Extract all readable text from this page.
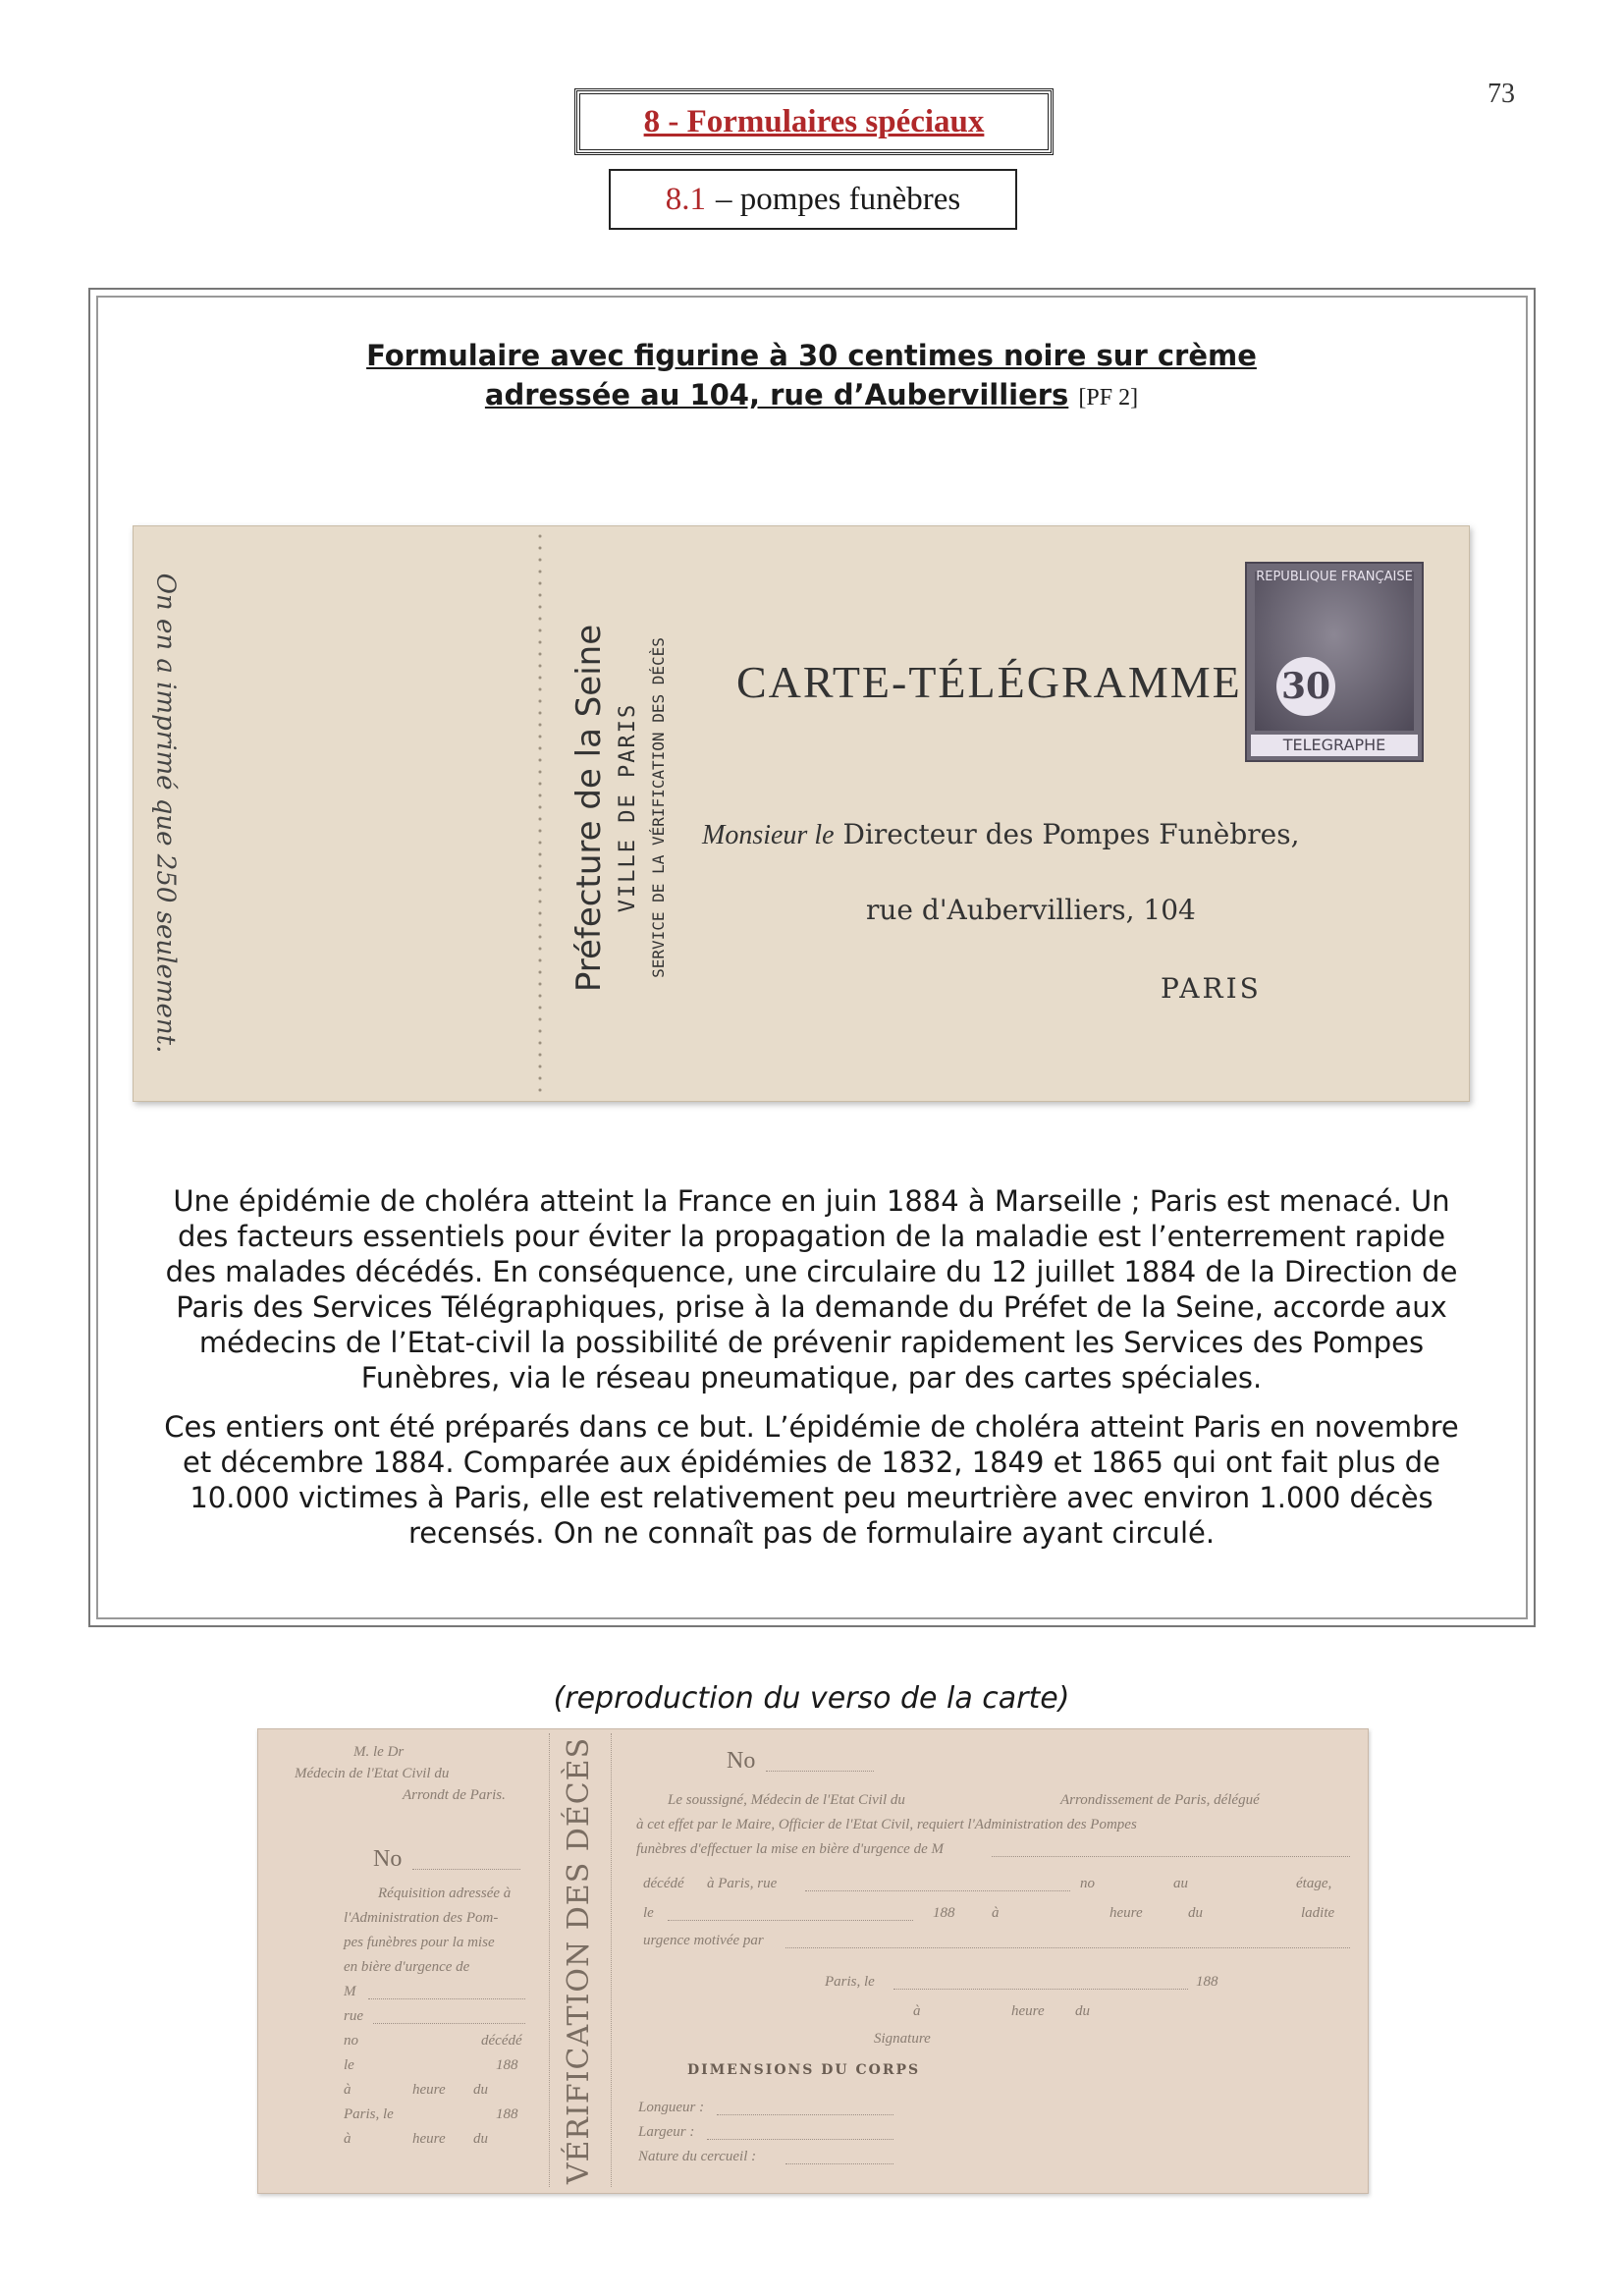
73
8 - Formulaires spéciaux
8.1 – pompes funèbres
Formulaire avec figurine à 30 centimes noire sur crème
adressée au 104, rue d’Aubervilliers [PF 2]
On en a imprimé que 250 seulement.	Préfecture de la Seine VILLE DE PARIS SERVICE DE LA VÉRIFICATION DES DÉCÈS CARTE-TÉLÉGRAMME
Monsieur le Directeur des Pompes Funèbres,
rue d'Aubervilliers, 104
PARIS
REPUBLIQUE FRANÇAISE
30
TELEGRAPHE

Une épidémie de choléra atteint la France en juin 1884 à Marseille ; Paris est menacé. Un des facteurs essentiels pour éviter la propagation de la maladie est l’enterrement rapide des malades décédés. En conséquence, une circulaire du 12 juillet 1884 de la Direction de Paris des Services Télégraphiques, prise à la demande du Préfet de la Seine, accorde aux médecins de l’Etat-civil la possibilité de prévenir rapidement les Services des Pompes Funèbres, via le réseau pneumatique, par des cartes spéciales.

Ces entiers ont été préparés dans ce but. L’épidémie de choléra atteint Paris en novembre et décembre 1884. Comparée aux épidémies de 1832, 1849 et 1865 qui ont fait plus de 10.000 victimes à Paris, elle est relativement peu meurtrière avec environ 1.000 décès recensés. On ne connaît pas de formulaire ayant circulé.

(reproduction du verso de la carte)
VÉRIFICATION DES DÉCÈS
M. le Dr
Médecin de l'Etat Civil du
Arrondt de Paris.
No
Réquisition adressée à
l'Administration des Pom-
pes funèbres pour la mise
en bière d'urgence de
M
rue
no	décédé
le	188
à	heure du
Paris, le	188
à	heure du
No
Le soussigné, Médecin de l'Etat Civil du	Arrondissement de Paris, délégué
à cet effet par le Maire, Officier de l'Etat Civil, requiert l'Administration des Pompes
funèbres d'effectuer la mise en bière d'urgence de M
décédé à Paris, rue	no	au	étage,
le	188	à	heure	du	ladite
urgence motivée par
Paris, le	188
à	heure du
Signature
DIMENSIONS DU CORPS
Longueur :
Largeur :
Nature du cercueil :
